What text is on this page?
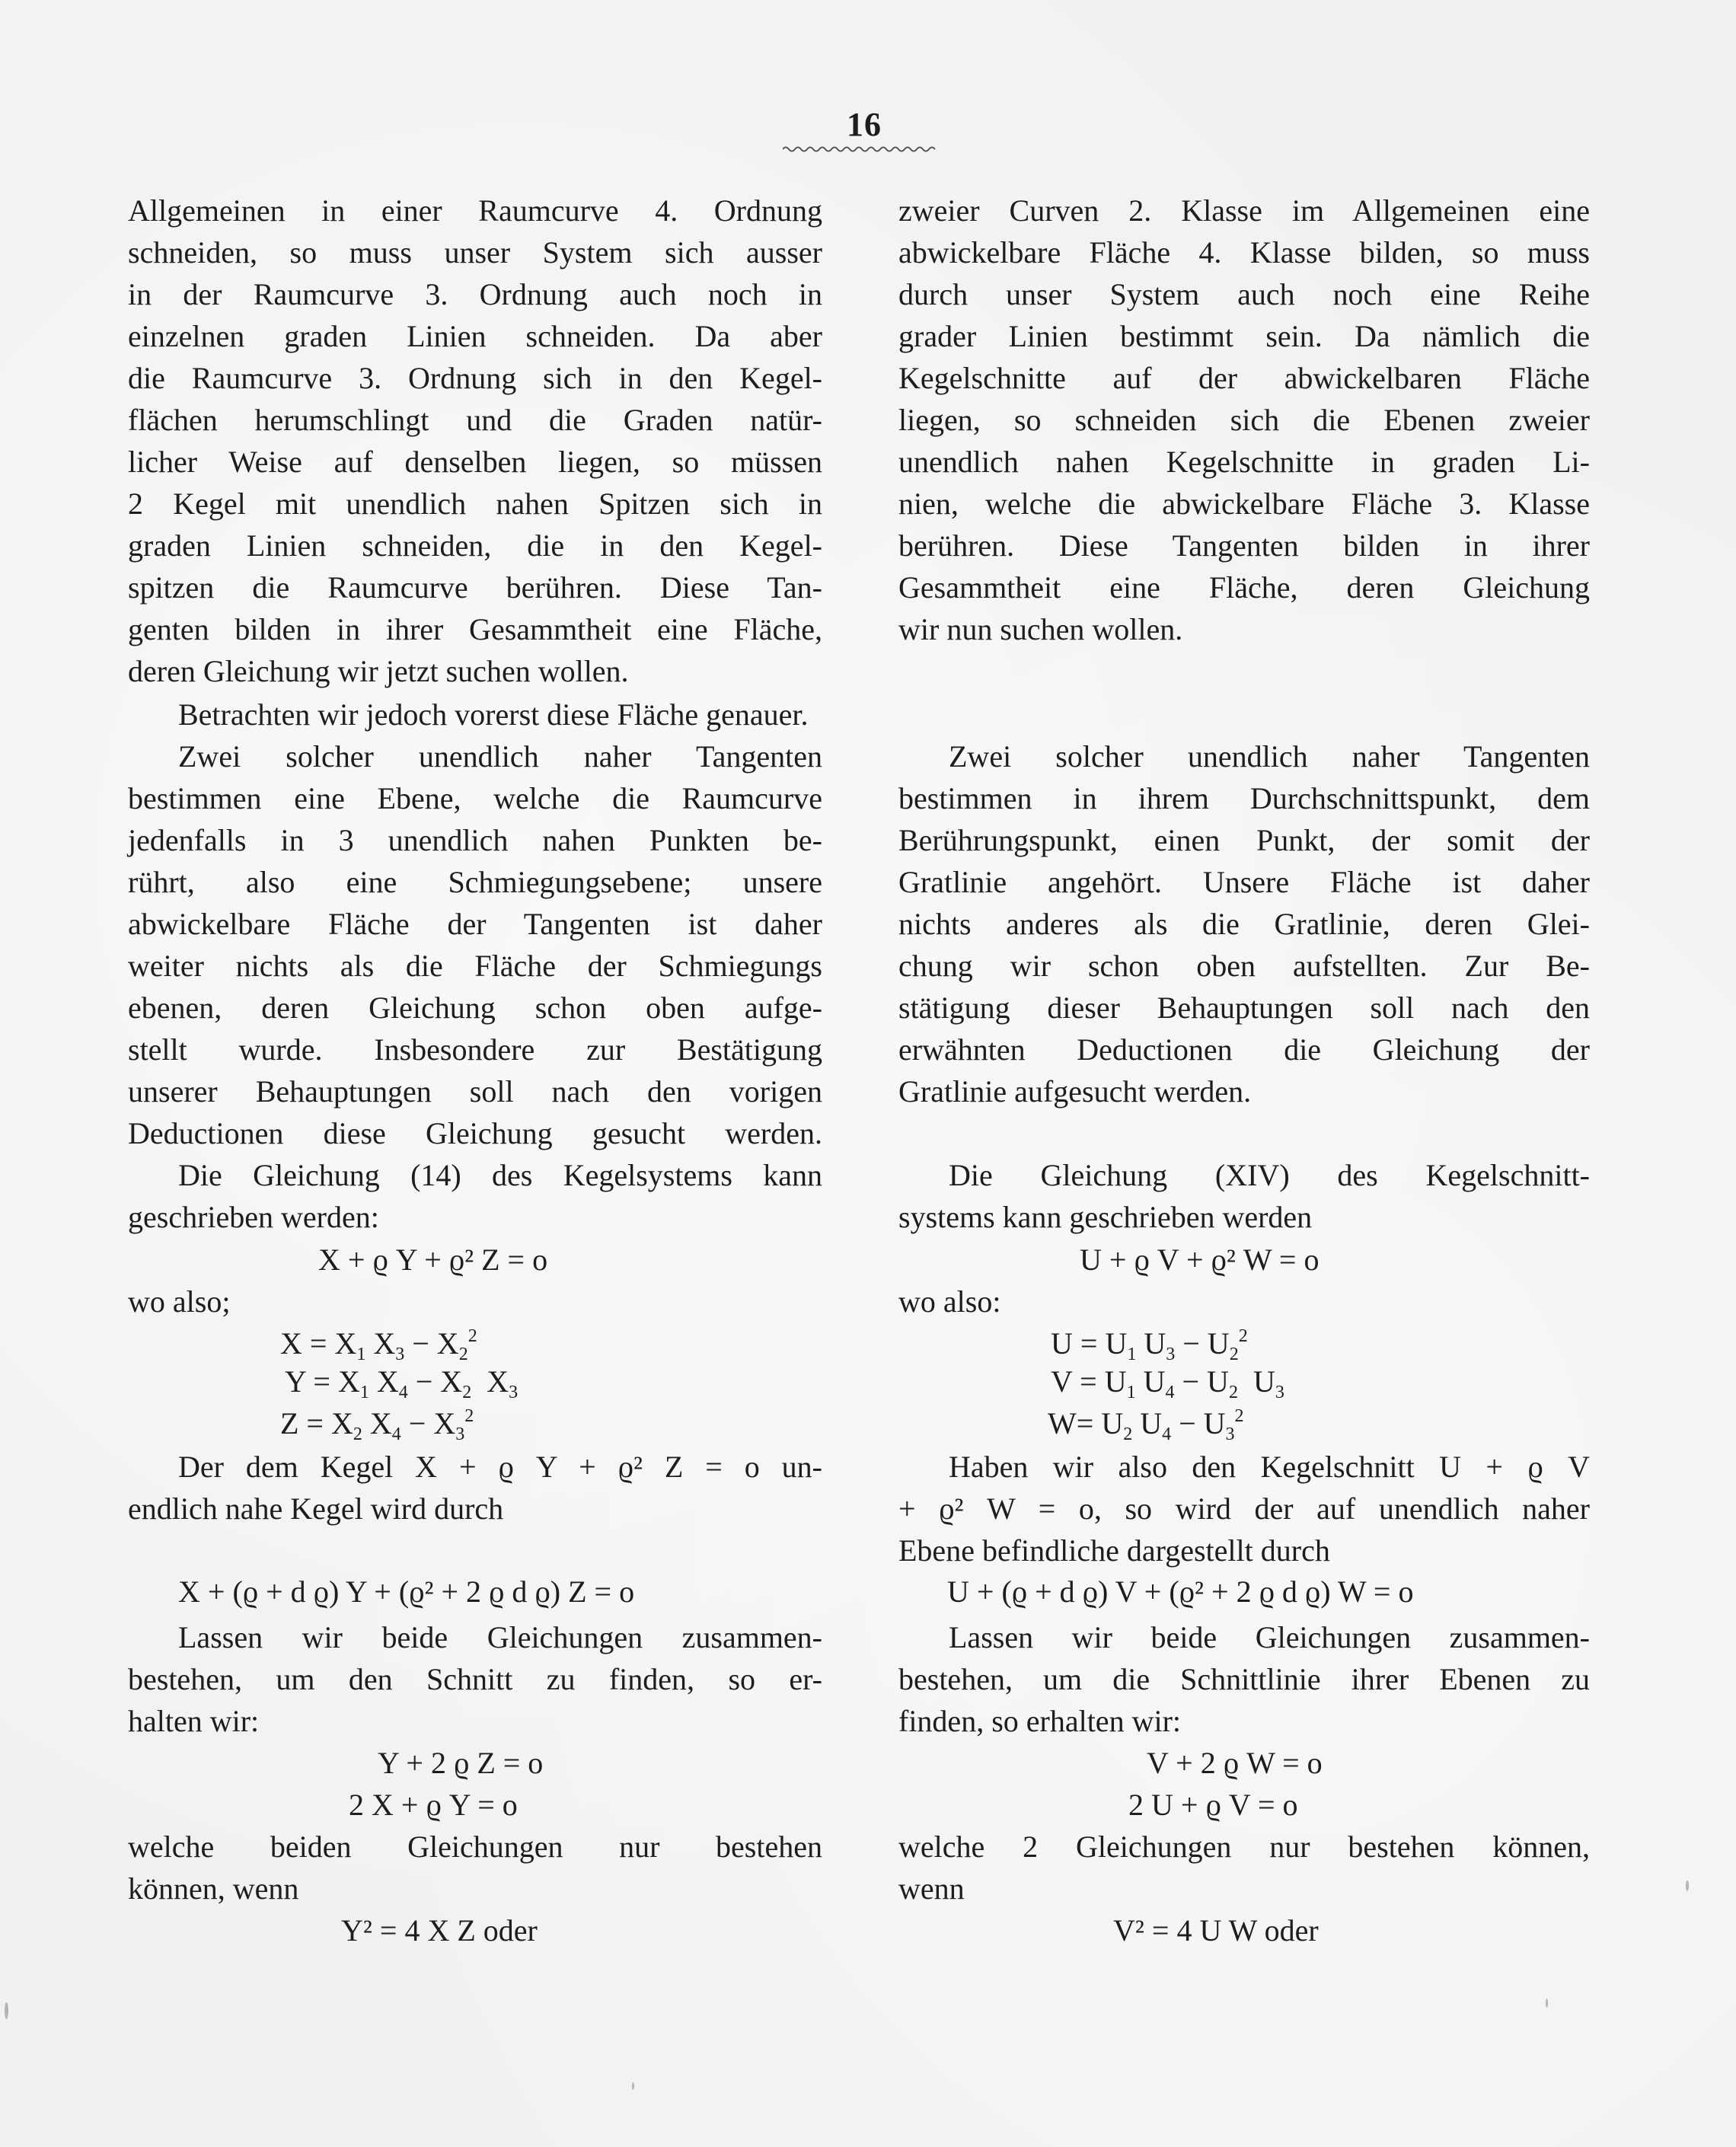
16
Allgemeinen in einer Raumcurve 4. Ordnung
schneiden, so muss unser System sich ausser
in der Raumcurve 3. Ordnung auch noch in
einzelnen graden Linien schneiden. Da aber
die Raumcurve 3. Ordnung sich in den Kegel-
flächen herumschlingt und die Graden natür-
licher Weise auf denselben liegen, so müssen
2 Kegel mit unendlich nahen Spitzen sich in
graden Linien schneiden, die in den Kegel-
spitzen die Raumcurve berühren. Diese Tan-
genten bilden in ihrer Gesammtheit eine Fläche,
deren Gleichung wir jetzt suchen wollen.
Betrachten wir jedoch vorerst diese Fläche genauer.
Zwei solcher unendlich naher Tangenten
bestimmen eine Ebene, welche die Raumcurve
jedenfalls in 3 unendlich nahen Punkten be-
rührt, also eine Schmiegungsebene; unsere
abwickelbare Fläche der Tangenten ist daher
weiter nichts als die Fläche der Schmiegungs
ebenen, deren Gleichung schon oben aufge-
stellt wurde. Insbesondere zur Bestätigung
unserer Behauptungen soll nach den vorigen
Deductionen diese Gleichung gesucht werden.
Die Gleichung (14) des Kegelsystems kann
geschrieben werden:
X + ϱ Y + ϱ² Z = o
wo also;
$X = X_1$ $X_3 - X_2^2$
$Y = X_1$ $X_4 - X_2$  $X_3$
$Z = X_2$ $X_4 - X_3^2$
Der dem Kegel X + ϱ Y + ϱ² Z = o un-
endlich nahe Kegel wird durch
X + (ϱ + d ϱ) Y + (ϱ² + 2 ϱ d ϱ) Z = o
Lassen wir beide Gleichungen zusammen-
bestehen, um den Schnitt zu finden, so er-
halten wir:
Y + 2 ϱ Z = o
2 X + ϱ Y = o
welche beiden Gleichungen nur bestehen
können, wenn
Y² = 4 X Z oder
zweier Curven 2. Klasse im Allgemeinen eine
abwickelbare Fläche 4. Klasse bilden, so muss
durch unser System auch noch eine Reihe
grader Linien bestimmt sein. Da nämlich die
Kegelschnitte auf der abwickelbaren Fläche
liegen, so schneiden sich die Ebenen zweier
unendlich nahen Kegelschnitte in graden Li-
nien, welche die abwickelbare Fläche 3. Klasse
berühren. Diese Tangenten bilden in ihrer
Gesammtheit eine Fläche, deren Gleichung
wir nun suchen wollen.
Zwei solcher unendlich naher Tangenten
bestimmen in ihrem Durchschnittspunkt, dem
Berührungspunkt, einen Punkt, der somit der
Gratlinie angehört. Unsere Fläche ist daher
nichts anderes als die Gratlinie, deren Glei-
chung wir schon oben aufstellten. Zur Be-
stätigung dieser Behauptungen soll nach den
erwähnten Deductionen die Gleichung der
Gratlinie aufgesucht werden.
Die Gleichung (XIV) des Kegelschnitt-
systems kann geschrieben werden
U + ϱ V + ϱ² W = o
wo also:
$U = U_1$ $U_3 - U_2^2$
$V = U_1$ $U_4 - U_2$  $U_3$
$W= U_2$ $U_4 - U_3^2$
Haben wir also den Kegelschnitt U + ϱ V
+ ϱ² W = o, so wird der auf unendlich naher
Ebene befindliche dargestellt durch
U + (ϱ + d ϱ) V + (ϱ² + 2 ϱ d ϱ) W = o
Lassen wir beide Gleichungen zusammen-
bestehen, um die Schnittlinie ihrer Ebenen zu
finden, so erhalten wir:
V + 2 ϱ W = o
2 U + ϱ V = o
welche 2 Gleichungen nur bestehen können,
wenn
V² = 4 U W oder
